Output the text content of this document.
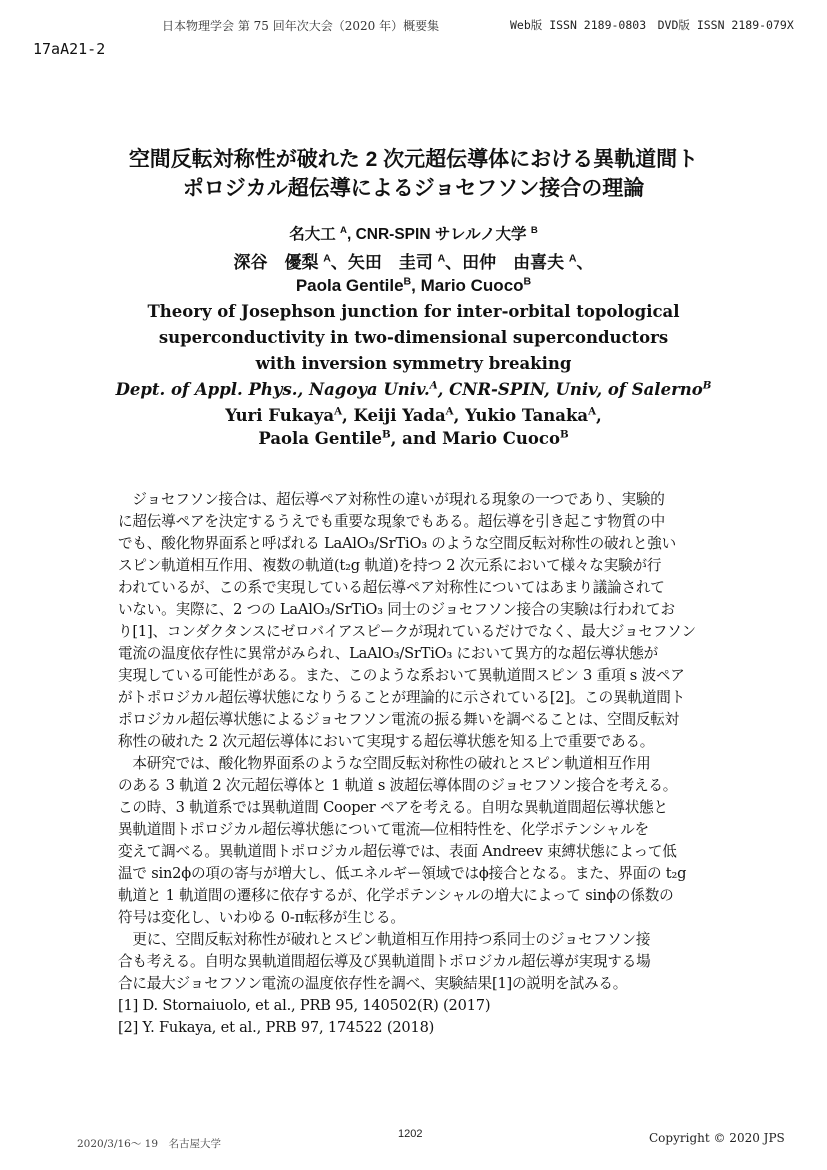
日本物理学会 第 75 回年次大会（2020 年）概要集	Web版 ISSN 2189-0803　DVD版 ISSN 2189-079X
17aA21-2
空間反転対称性が破れた 2 次元超伝導体における異軌道間ト
ポロジカル超伝導によるジョセフソン接合の理論
名大工 $^A$, CNR-SPIN サレルノ大学 $^B$
深谷　優梨 $^A$、矢田　圭司 $^A$、田仲　由喜夫 $^A$、
Paola Gentile$^B$, Mario Cuoco$^B$
Theory of Josephson junction for inter-orbital topological
superconductivity in two-dimensional superconductors
with inversion symmetry breaking
Dept. of Appl. Phys., Nagoya Univ.$^A$, CNR-SPIN, Univ, of Salerno$^B$
Yuri Fukaya$^A$, Keiji Yada$^A$, Yukio Tanaka$^A$,
Paola Gentile$^B$, and Mario Cuoco$^B$
　ジョセフソン接合は、超伝導ペア対称性の違いが現れる現象の一つであり、実験的
に超伝導ペアを決定するうえでも重要な現象でもある。超伝導を引き起こす物質の中
でも、酸化物界面系と呼ばれる LaAlO₃/SrTiO₃ のような空間反転対称性の破れと強い
スピン軌道相互作用、複数の軌道(t₂g 軌道)を持つ 2 次元系において様々な実験が行
われているが、この系で実現している超伝導ペア対称性についてはあまり議論されて
いない。実際に、2 つの LaAlO₃/SrTiO₃ 同士のジョセフソン接合の実験は行われてお
り[1]、コンダクタンスにゼロバイアスピークが現れているだけでなく、最大ジョセフソン
電流の温度依存性に異常がみられ、LaAlO₃/SrTiO₃ において異方的な超伝導状態が
実現している可能性がある。また、このような系おいて異軌道間スピン 3 重項 s 波ペア
がトポロジカル超伝導状態になりうることが理論的に示されている[2]。この異軌道間ト
ポロジカル超伝導状態によるジョセフソン電流の振る舞いを調べることは、空間反転対
称性の破れた 2 次元超伝導体において実現する超伝導状態を知る上で重要である。
　本研究では、酸化物界面系のような空間反転対称性の破れとスピン軌道相互作用
のある 3 軌道 2 次元超伝導体と 1 軌道 s 波超伝導体間のジョセフソン接合を考える。
この時、3 軌道系では異軌道間 Cooper ペアを考える。自明な異軌道間超伝導状態と
異軌道間トポロジカル超伝導状態について電流―位相特性を、化学ポテンシャルを
変えて調べる。異軌道間トポロジカル超伝導では、表面 Andreev 束縛状態によって低
温で sin2ϕの項の寄与が増大し、低エネルギー領域ではϕ接合となる。また、界面の t₂g
軌道と 1 軌道間の遷移に依存するが、化学ポテンシャルの増大によって sinϕの係数の
符号は変化し、いわゆる 0-π転移が生じる。
　更に、空間反転対称性が破れとスピン軌道相互作用持つ系同士のジョセフソン接
合も考える。自明な異軌道間超伝導及び異軌道間トポロジカル超伝導が実現する場
合に最大ジョセフソン電流の温度依存性を調べ、実験結果[1]の説明を試みる。
[1] D. Stornaiuolo, et al., PRB 95, 140502(R) (2017)
[2] Y. Fukaya, et al., PRB 97, 174522 (2018)
2020/3/16～ 19　名古屋大学
1202	Copyright © 2020 JPS
